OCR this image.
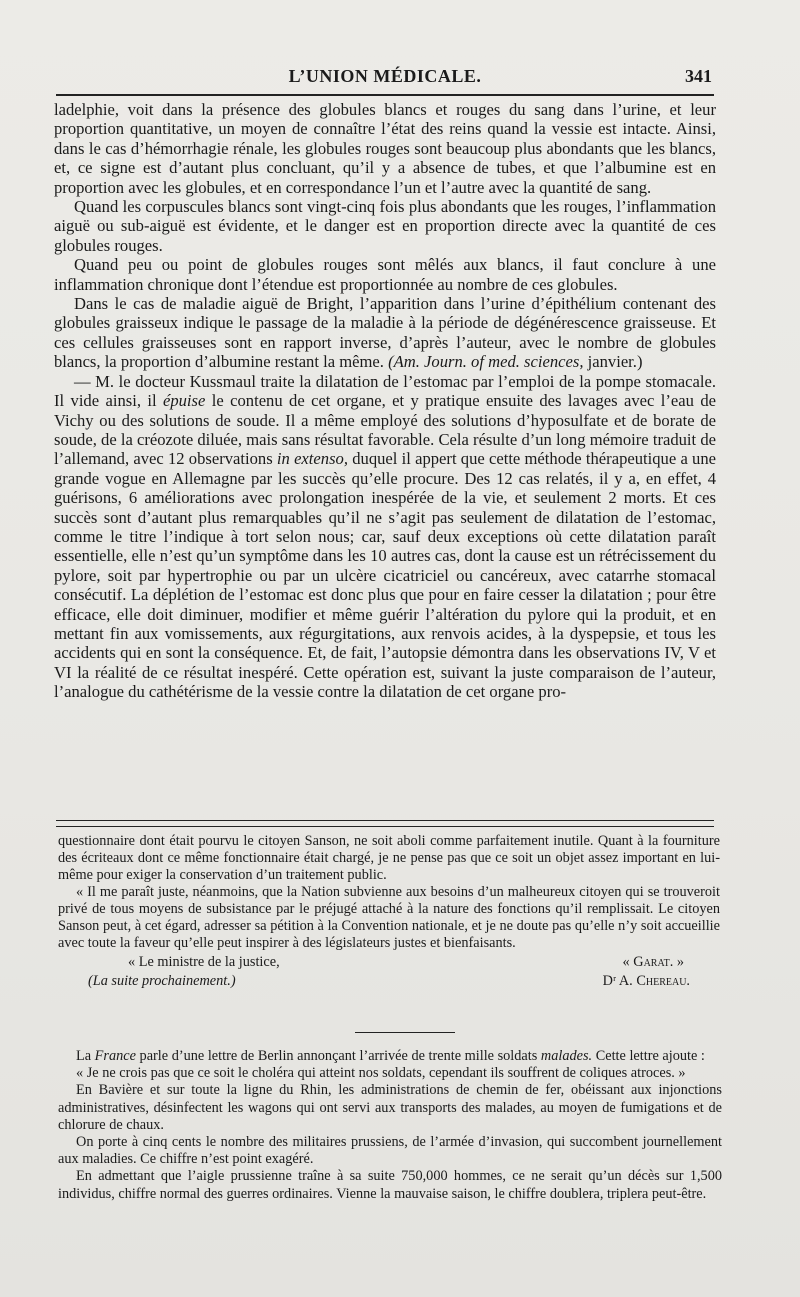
L’UNION MÉDICALE.	341

ladelphie, voit dans la présence des globules blancs et rouges du sang dans l’urine, et leur proportion quantitative, un moyen de connaître l’état des reins quand la vessie est intacte. Ainsi, dans le cas d’hémorrhagie rénale, les globules rouges sont beaucoup plus abondants que les blancs, et, ce signe est d’autant plus concluant, qu’il y a absence de tubes, et que l’albumine est en proportion avec les globules, et en correspondance l’un et l’autre avec la quantité de sang.

Quand les corpuscules blancs sont vingt-cinq fois plus abondants que les rouges, l’inflammation aiguë ou sub-aiguë est évidente, et le danger est en proportion directe avec la quantité de ces globules rouges.

Quand peu ou point de globules rouges sont mêlés aux blancs, il faut conclure à une inflammation chronique dont l’étendue est proportionnée au nombre de ces globules.

Dans le cas de maladie aiguë de Bright, l’apparition dans l’urine d’épithélium contenant des globules graisseux indique le passage de la maladie à la période de dégénérescence graisseuse. Et ces cellules graisseuses sont en rapport inverse, d’après l’auteur, avec le nombre de globules blancs, la proportion d’albumine restant la même. (Am. Journ. of med. sciences, janvier.)

— M. le docteur Kussmaul traite la dilatation de l’estomac par l’emploi de la pompe stomacale. Il vide ainsi, il épuise le contenu de cet organe, et y pratique ensuite des lavages avec l’eau de Vichy ou des solutions de soude. Il a même employé des solutions d’hyposulfate et de borate de soude, de la créozote diluée, mais sans résultat favorable. Cela résulte d’un long mémoire traduit de l’allemand, avec 12 observations in extenso, duquel il appert que cette méthode thérapeutique a une grande vogue en Allemagne par les succès qu’elle procure. Des 12 cas relatés, il y a, en effet, 4 guérisons, 6 améliorations avec prolongation inespérée de la vie, et seulement 2 morts. Et ces succès sont d’autant plus remarquables qu’il ne s’agit pas seulement de dilatation de l’estomac, comme le titre l’indique à tort selon nous; car, sauf deux exceptions où cette dilatation paraît essentielle, elle n’est qu’un symptôme dans les 10 autres cas, dont la cause est un rétrécissement du pylore, soit par hypertrophie ou par un ulcère cicatriciel ou cancéreux, avec catarrhe stomacal consécutif. La déplétion de l’estomac est donc plus que pour en faire cesser la dilatation ; pour être efficace, elle doit diminuer, modifier et même guérir l’altération du pylore qui la produit, et en mettant fin aux vomissements, aux régurgitations, aux renvois acides, à la dyspepsie, et tous les accidents qui en sont la conséquence. Et, de fait, l’autopsie démontra dans les observations IV, V et VI la réalité de ce résultat inespéré. Cette opération est, suivant la juste comparaison de l’auteur, l’analogue du cathétérisme de la vessie contre la dilatation de cet organe pro-

questionnaire dont était pourvu le citoyen Sanson, ne soit aboli comme parfaitement inutile. Quant à la fourniture des écriteaux dont ce même fonctionnaire était chargé, je ne pense pas que ce soit un objet assez important en lui-même pour exiger la conservation d’un traitement public.

« Il me paraît juste, néanmoins, que la Nation subvienne aux besoins d’un malheureux citoyen qui se trouveroit privé de tous moyens de subsistance par le préjugé attaché à la nature des fonctions qu’il remplissait. Le citoyen Sanson peut, à cet égard, adresser sa pétition à la Convention nationale, et je ne doute pas qu’elle n’y soit accueillie avec toute la faveur qu’elle peut inspirer à des législateurs justes et bienfaisants.

« Le ministre de la justice,	« Garat. »
(La suite prochainement.)	Dʳ A. Chereau.

La France parle d’une lettre de Berlin annonçant l’arrivée de trente mille soldats malades. Cette lettre ajoute :

« Je ne crois pas que ce soit le choléra qui atteint nos soldats, cependant ils souffrent de coliques atroces. »

En Bavière et sur toute la ligne du Rhin, les administrations de chemin de fer, obéissant aux injonctions administratives, désinfectent les wagons qui ont servi aux transports des malades, au moyen de fumigations et de chlorure de chaux.

On porte à cinq cents le nombre des militaires prussiens, de l’armée d’invasion, qui succombent journellement aux maladies. Ce chiffre n’est point exagéré.

En admettant que l’aigle prussienne traîne à sa suite 750,000 hommes, ce ne serait qu’un décès sur 1,500 individus, chiffre normal des guerres ordinaires. Vienne la mauvaise saison, le chiffre doublera, triplera peut-être.
